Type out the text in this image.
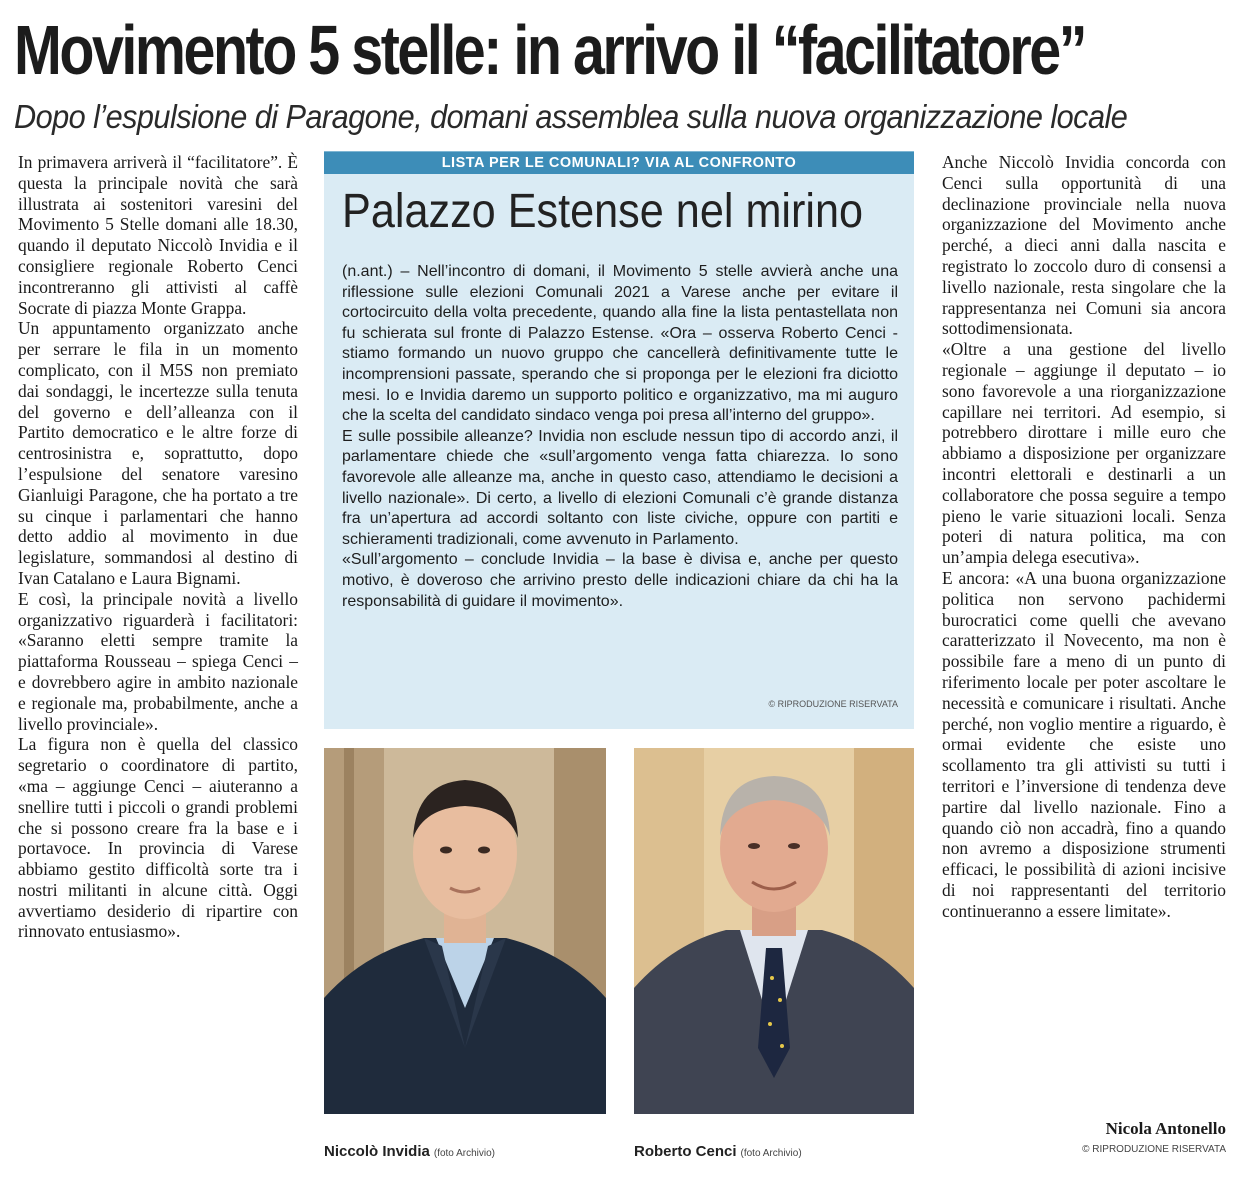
Movimento 5 stelle: in arrivo il “facilitatore”
Dopo l’espulsione di Paragone, domani assemblea sulla nuova organizzazione locale

In primavera arriverà il “facilitatore”. È questa la principale novità che sarà illustrata ai sostenitori varesini del Movimento 5 Stelle domani alle 18.30, quando il deputato Niccolò Invidia e il consigliere regionale Roberto Cenci incontreranno gli attivisti al caffè Socrate di piazza Monte Grappa.

Un appuntamento organizzato anche per serrare le fila in un momento complicato, con il M5S non premiato dai sondaggi, le incertezze sulla tenuta del governo e dell’alleanza con il Partito democratico e le altre forze di centrosinistra e, soprattutto, dopo l’espulsione del senatore varesino Gianluigi Paragone, che ha portato a tre su cinque i parlamentari che hanno detto addio al movimento in due legislature, sommandosi al destino di Ivan Catalano e Laura Bignami.

E così, la principale novità a livello organizzativo riguarderà i facilitatori: «Saranno eletti sempre tramite la piattaforma Rousseau – spiega Cenci – e dovrebbero agire in ambito nazionale e regionale ma, probabilmente, anche a livello provinciale».

La figura non è quella del classico segretario o coordinatore di partito, «ma – aggiunge Cenci – aiuteranno a snellire tutti i piccoli o grandi problemi che si possono creare fra la base e i portavoce. In provincia di Varese abbiamo gestito difficoltà sorte tra i nostri militanti in alcune città. Oggi avvertiamo desiderio di ripartire con rinnovato entusiasmo».

LISTA PER LE COMUNALI? VIA AL CONFRONTO
Palazzo Estense nel mirino

(n.ant.) – Nell’incontro di domani, il Movimento 5 stelle avvierà anche una riflessione sulle elezioni Comunali 2021 a Varese anche per evitare il cortocircuito della volta precedente, quando alla fine la lista pentastellata non fu schierata sul fronte di Palazzo Estense. «Ora – osserva Roberto Cenci - stiamo formando un nuovo gruppo che cancellerà definitivamente tutte le incomprensioni passate, sperando che si proponga per le elezioni fra diciotto mesi. Io e Invidia daremo un supporto politico e organizzativo, ma mi auguro che la scelta del candidato sindaco venga poi presa all’interno del gruppo».

E sulle possibile alleanze? Invidia non esclude nessun tipo di accordo anzi, il parlamentare chiede che «sull’argomento venga fatta chiarezza. Io sono favorevole alle alleanze ma, anche in questo caso, attendiamo le decisioni a livello nazionale». Di certo, a livello di elezioni Comunali c’è grande distanza fra un’apertura ad accordi soltanto con liste civiche, oppure con partiti e schieramenti tradizionali, come avvenuto in Parlamento.

«Sull’argomento – conclude Invidia – la base è divisa e, anche per questo motivo, è doveroso che arrivino presto delle indicazioni chiare da chi ha la responsabilità di guidare il movimento».

© RIPRODUZIONE RISERVATA
Niccolò Invidia (foto Archivio)	Roberto Cenci (foto Archivio)

Anche Niccolò Invidia concorda con Cenci sulla opportunità di una declinazione provinciale nella nuova organizzazione del Movimento anche perché, a dieci anni dalla nascita e registrato lo zoccolo duro di consensi a livello nazionale, resta singolare che la rappresentanza nei Comuni sia ancora sottodimensionata.

«Oltre a una gestione del livello regionale – aggiunge il deputato – io sono favorevole a una riorganizzazione capillare nei territori. Ad esempio, si potrebbero dirottare i mille euro che abbiamo a disposizione per organizzare incontri elettorali e destinarli a un collaboratore che possa seguire a tempo pieno le varie situazioni locali. Senza poteri di natura politica, ma con un’ampia delega esecutiva».

E ancora: «A una buona organizzazione politica non servono pachidermi burocratici come quelli che avevano caratterizzato il Novecento, ma non è possibile fare a meno di un punto di riferimento locale per poter ascoltare le necessità e comunicare i risultati. Anche perché, non voglio mentire a riguardo, è ormai evidente che esiste uno scollamento tra gli attivisti su tutti i territori e l’inversione di tendenza deve partire dal livello nazionale. Fino a quando ciò non accadrà, fino a quando non avremo a disposizione strumenti efficaci, le possibilità di azioni incisive di noi rappresentanti del territorio continueranno a essere limitate».

Nicola Antonello
© RIPRODUZIONE RISERVATA
